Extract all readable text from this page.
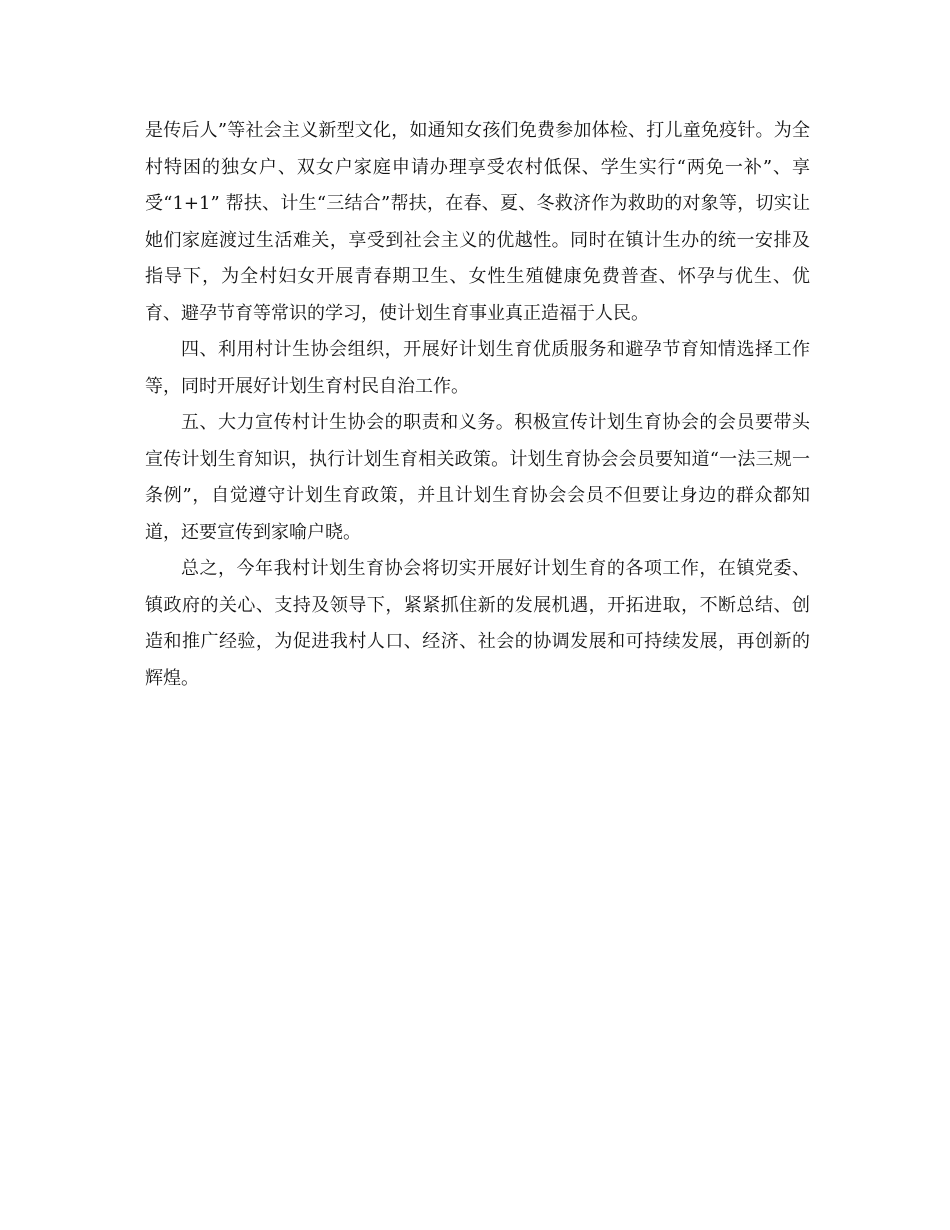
是传后人”等社会主义新型文化，如通知女孩们免费参加体检、打儿童免疫针。为全村特困的独女户、双女户家庭申请办理享受农村低保、学生实行“两免一补”、享受“1+1” 帮扶、计生“三结合”帮扶，在春、夏、冬救济作为救助的对象等，切实让她们家庭渡过生活难关，享受到社会主义的优越性。同时在镇计生办的统一安排及指导下，为全村妇女开展青春期卫生、女性生殖健康免费普查、怀孕与优生、优育、避孕节育等常识的学习，使计划生育事业真正造福于人民。

四、利用村计生协会组织，开展好计划生育优质服务和避孕节育知情选择工作等，同时开展好计划生育村民自治工作。

五、大力宣传村计生协会的职责和义务。积极宣传计划生育协会的会员要带头宣传计划生育知识，执行计划生育相关政策。计划生育协会会员要知道“一法三规一条例”，自觉遵守计划生育政策，并且计划生育协会会员不但要让身边的群众都知道，还要宣传到家喻户晓。

总之，今年我村计划生育协会将切实开展好计划生育的各项工作，在镇党委、镇政府的关心、支持及领导下，紧紧抓住新的发展机遇，开拓进取，不断总结、创造和推广经验，为促进我村人口、经济、社会的协调发展和可持续发展，再创新的辉煌。
